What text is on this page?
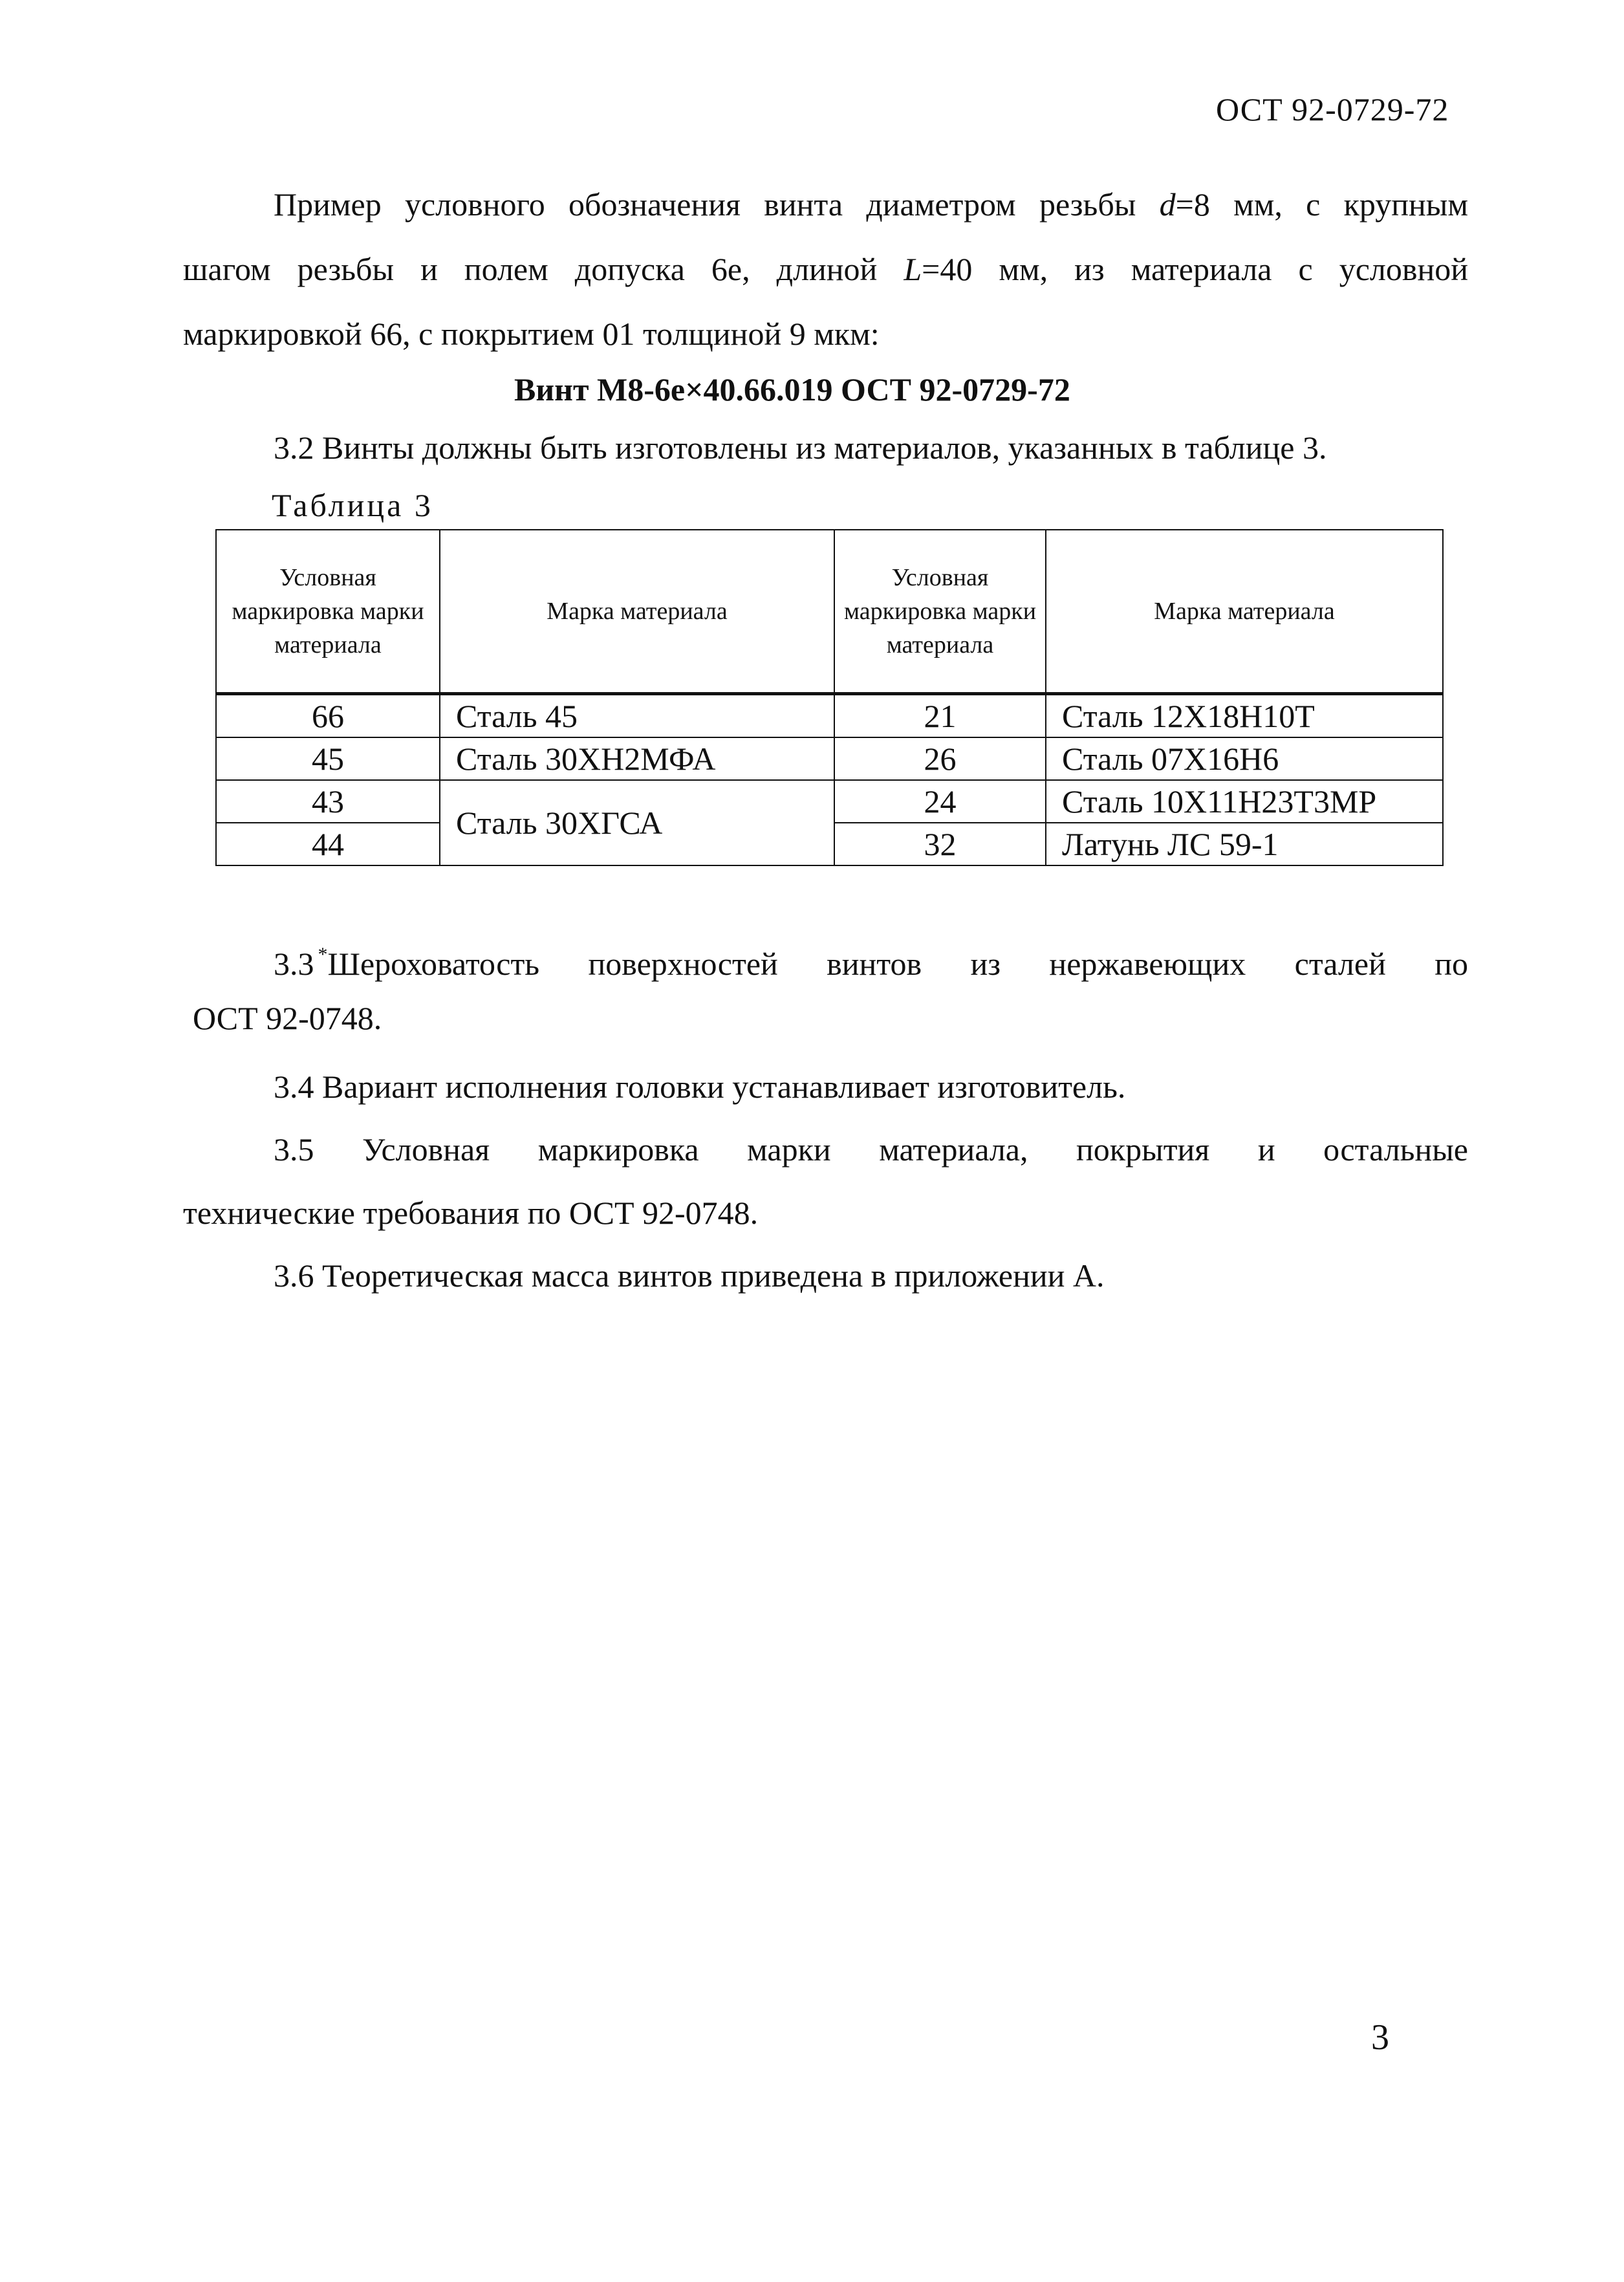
ОСТ 92-0729-72
Пример условного обозначения винта диаметром резьбы d=8 мм, с крупным
шагом резьбы и полем допуска 6е, длиной L=40 мм, из материала с условной
маркировкой 66, с покрытием 01 толщиной 9 мкм:
Винт М8-6е×40.66.019 ОСТ 92-0729-72
3.2 Винты должны быть изготовлены из материалов, указанных в таблице 3.
Таблица 3
Условная маркировка марки материала	Марка материала	Условная маркировка марки материала	Марка материала
66	Сталь 45	21	Сталь 12Х18Н10Т
45	Сталь 30ХН2МФА	26	Сталь 07Х16Н6
43	Сталь 30ХГСА	24	Сталь 10Х11Н23Т3МР
44		32	Латунь ЛС 59-1
3.3 *Шероховатость поверхностей винтов из нержавеющих сталей по
ОСТ 92-0748.
3.4 Вариант исполнения головки устанавливает изготовитель.
3.5 Условная маркировка марки материала, покрытия и остальные
технические требования по ОСТ 92-0748.
3.6 Теоретическая масса винтов приведена в приложении А.
3
